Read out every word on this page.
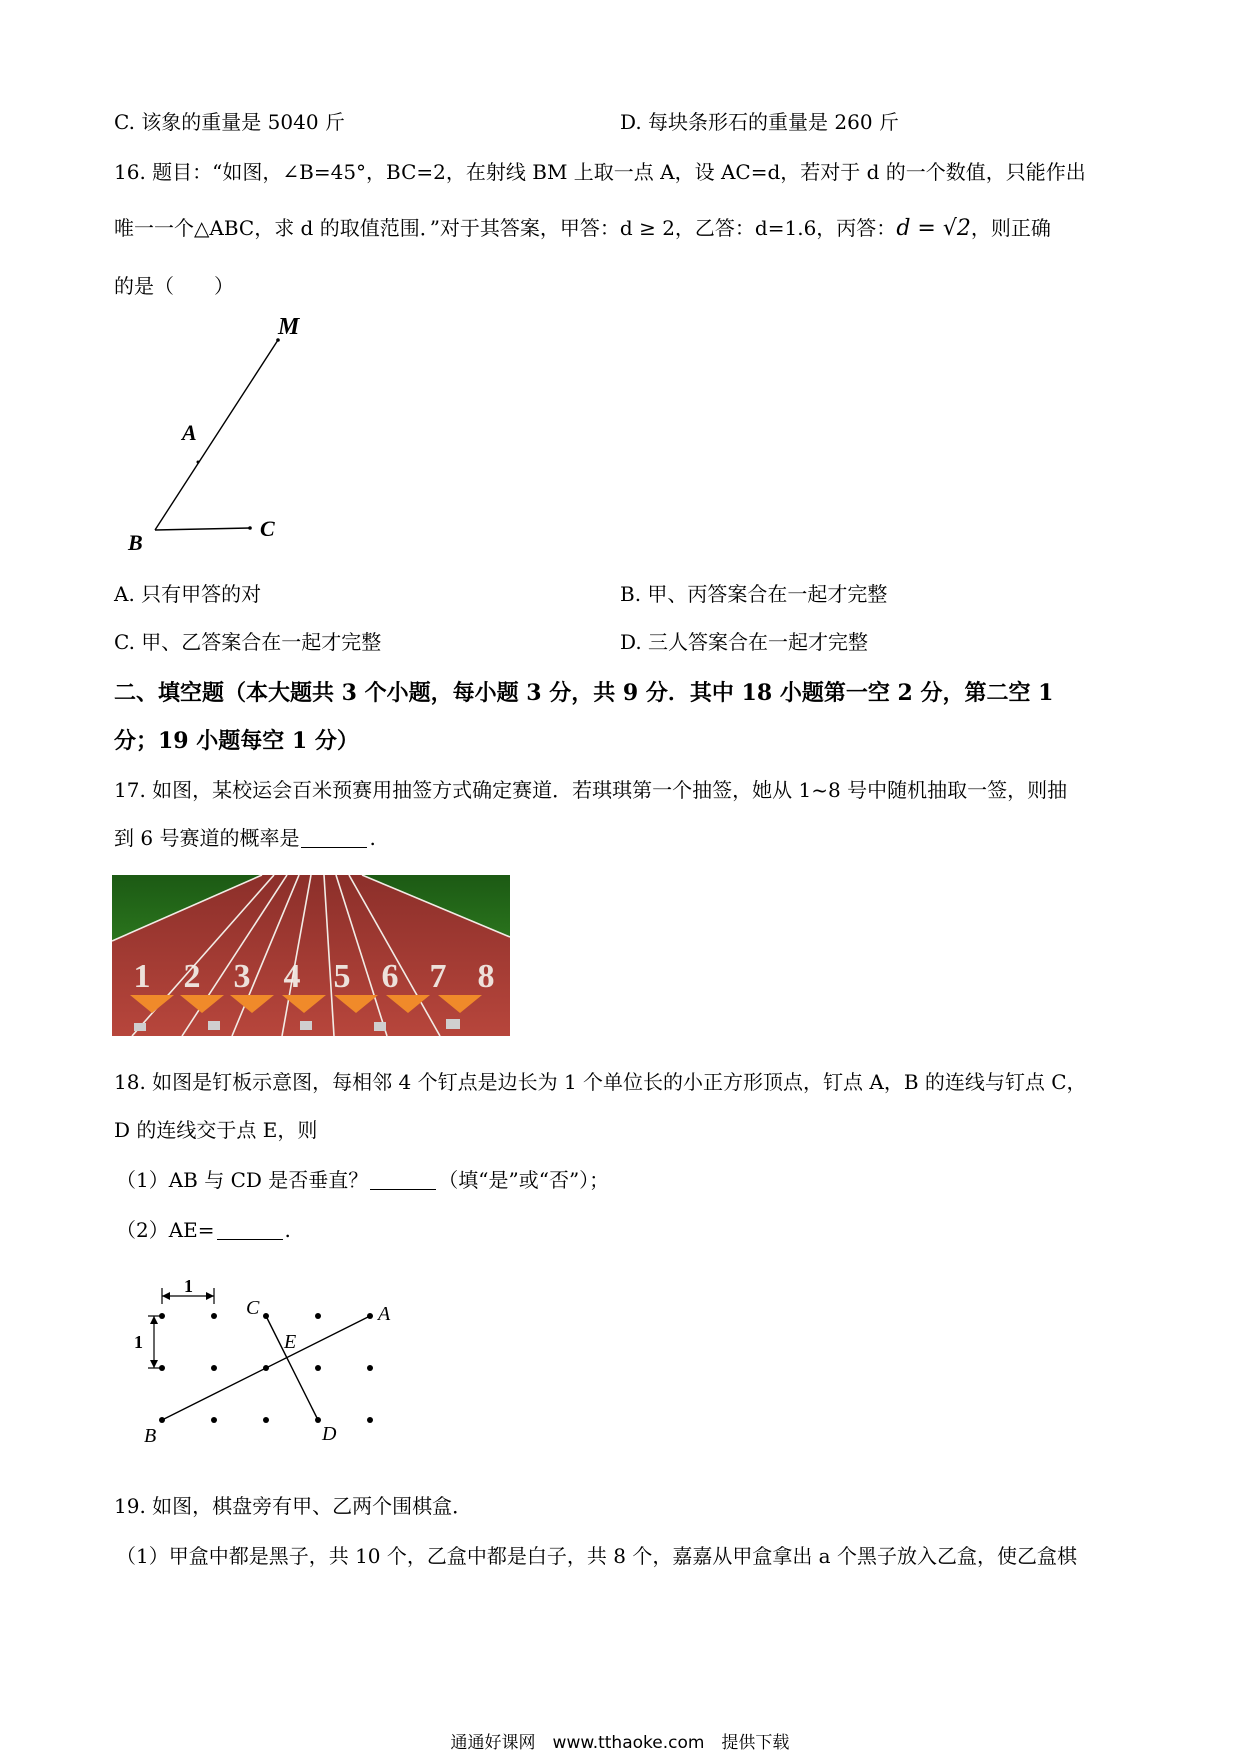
C. 该象的重量是 5040 斤	D. 每块条形石的重量是 260 斤
16. 题目：“如图，∠B=45°，BC=2，在射线 BM 上取一点 A，设 AC=d，若对于 d 的一个数值，只能作出
唯一一个△ABC，求 d 的取值范围．”对于其答案，甲答：d ≥ 2，乙答：d=1.6，丙答：d = √2，则正确
的是（　　）
M
A
B
C
A. 只有甲答的对	B. 甲、丙答案合在一起才完整
C. 甲、乙答案合在一起才完整	D. 三人答案合在一起才完整
二、填空题（本大题共 3 个小题，每小题 3 分，共 9 分．其中 18 小题第一空 2 分，第二空 1
分；19 小题每空 1 分）
17. 如图，某校运会百米预赛用抽签方式确定赛道．若琪琪第一个抽签，她从 1~8 号中随机抽取一签，则抽
到 6 号赛道的概率是	.
1 2 3 4 5 6 7 8
18. 如图是钉板示意图，每相邻 4 个钉点是边长为 1 个单位长的小正方形顶点，钉点 A，B 的连线与钉点 C，
D 的连线交于点 E，则
（1）AB 与 CD 是否垂直？	（填“是”或“否”）；
（2）AE=	.
1
1
C	A
E
B	D
19. 如图，棋盘旁有甲、乙两个围棋盒．
（1）甲盒中都是黑子，共 10 个，乙盒中都是白子，共 8 个，嘉嘉从甲盒拿出 a 个黑子放入乙盒，使乙盒棋
通通好课网　www.tthaoke.com　提供下载
